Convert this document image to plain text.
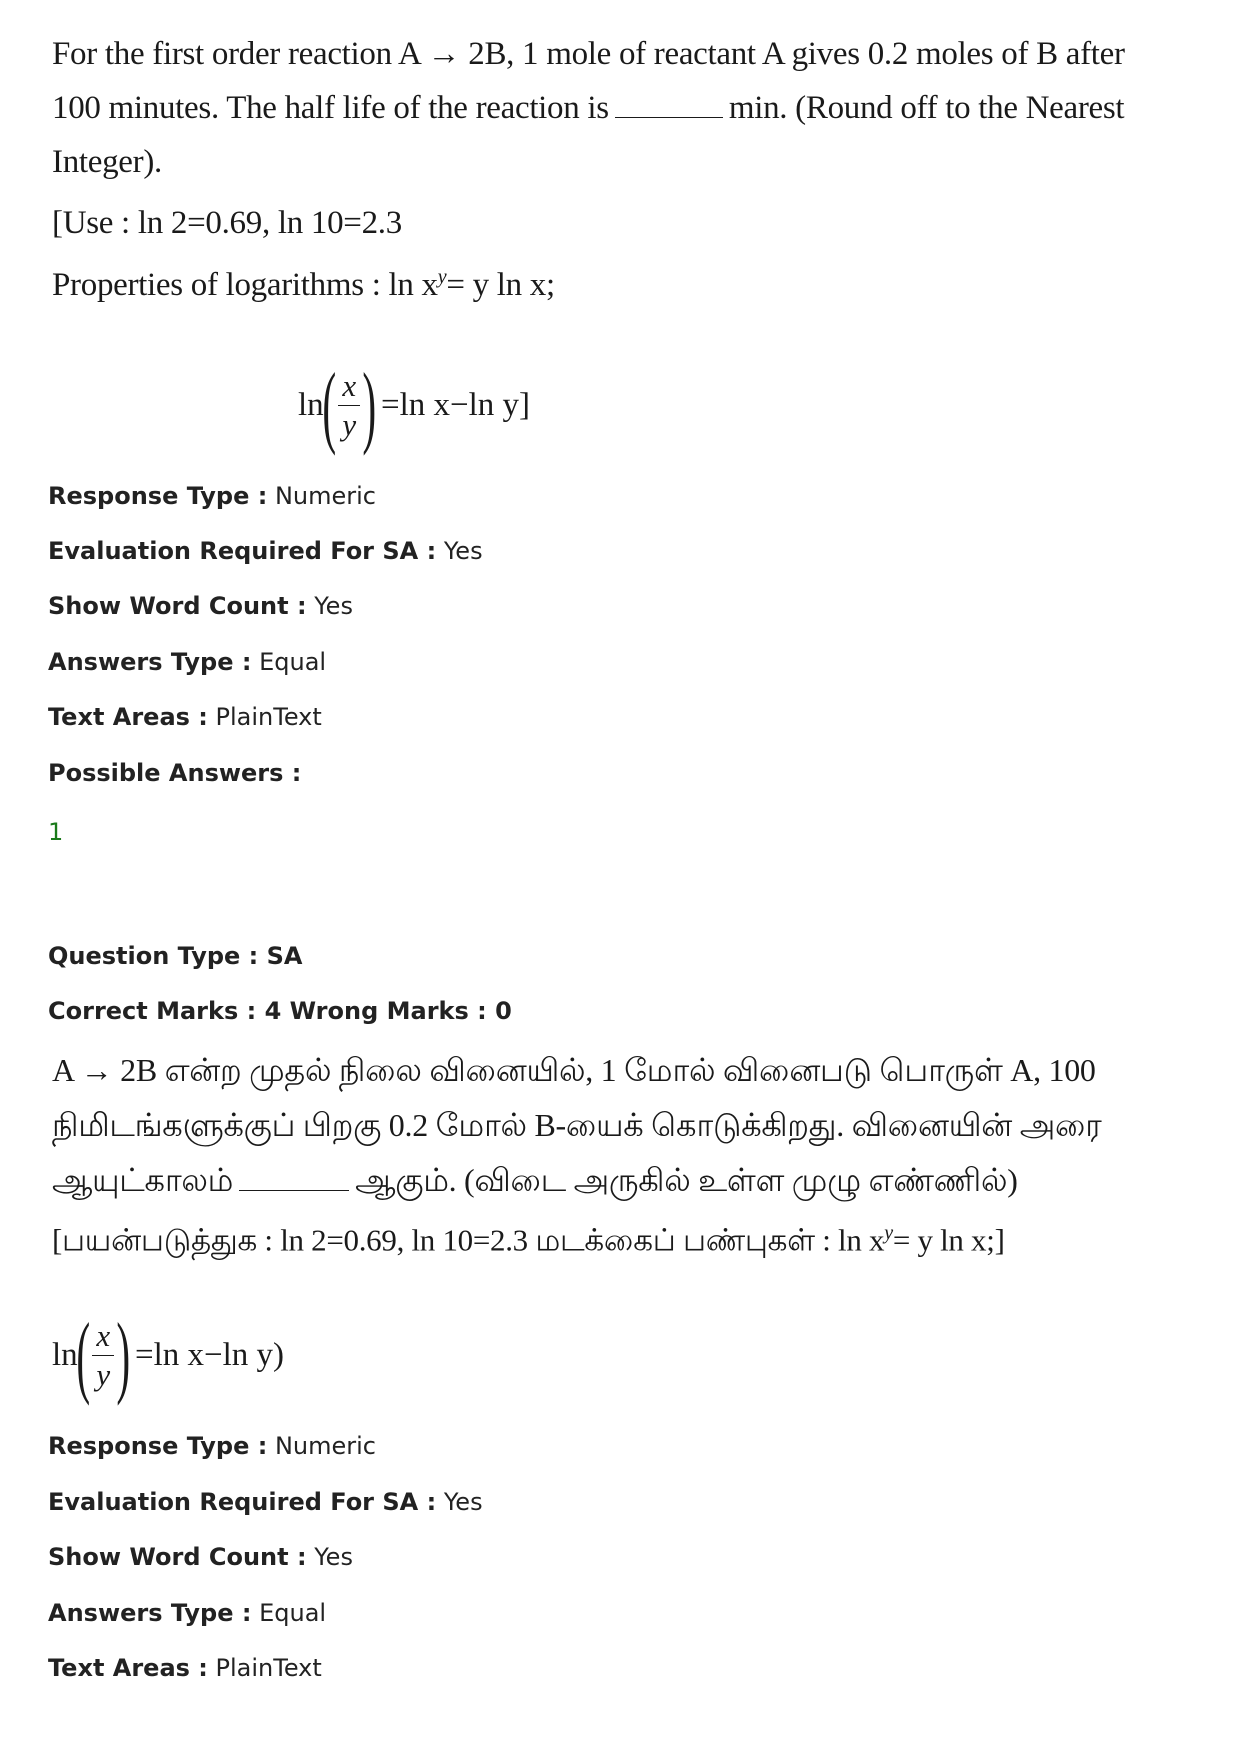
For the first order reaction A → 2B, 1 mole of reactant A gives 0.2 moles of B after
100 minutes. The half life of the reaction is	min. (Round off to the Nearest
Integer).
[Use : ln 2=0.69, ln 10=2.3
Properties of logarithms : $\ln x^y= y$ ln x;
ln
( $\frac{x}{y}$ ) =ln x−ln y]
Response Type : Numeric
Evaluation Required For SA : Yes
Show Word Count : Yes
Answers Type : Equal
Text Areas : PlainText
Possible Answers :
1
Question Type : SA
Correct Marks : 4 Wrong Marks : 0
A → 2B என்ற முதல் நிலை வினையில், 1 மோல் வினைபடு பொருள் A, 100
நிமிடங்களுக்குப் பிறகு 0.2 மோல் B-யைக் கொடுக்கிறது. வினையின் அரை
ஆயுட்காலம்	ஆகும். (விடை அருகில் உள்ள முழு எண்ணில்)
[பயன்படுத்துக : ln 2=0.69, ln 10=2.3 மடக்கைப் பண்புகள் : $\ln x^y= y$ ln x;]
ln
( $\frac{x}{y}$ ) =ln x−ln y)
Response Type : Numeric
Evaluation Required For SA : Yes
Show Word Count : Yes
Answers Type : Equal
Text Areas : PlainText
